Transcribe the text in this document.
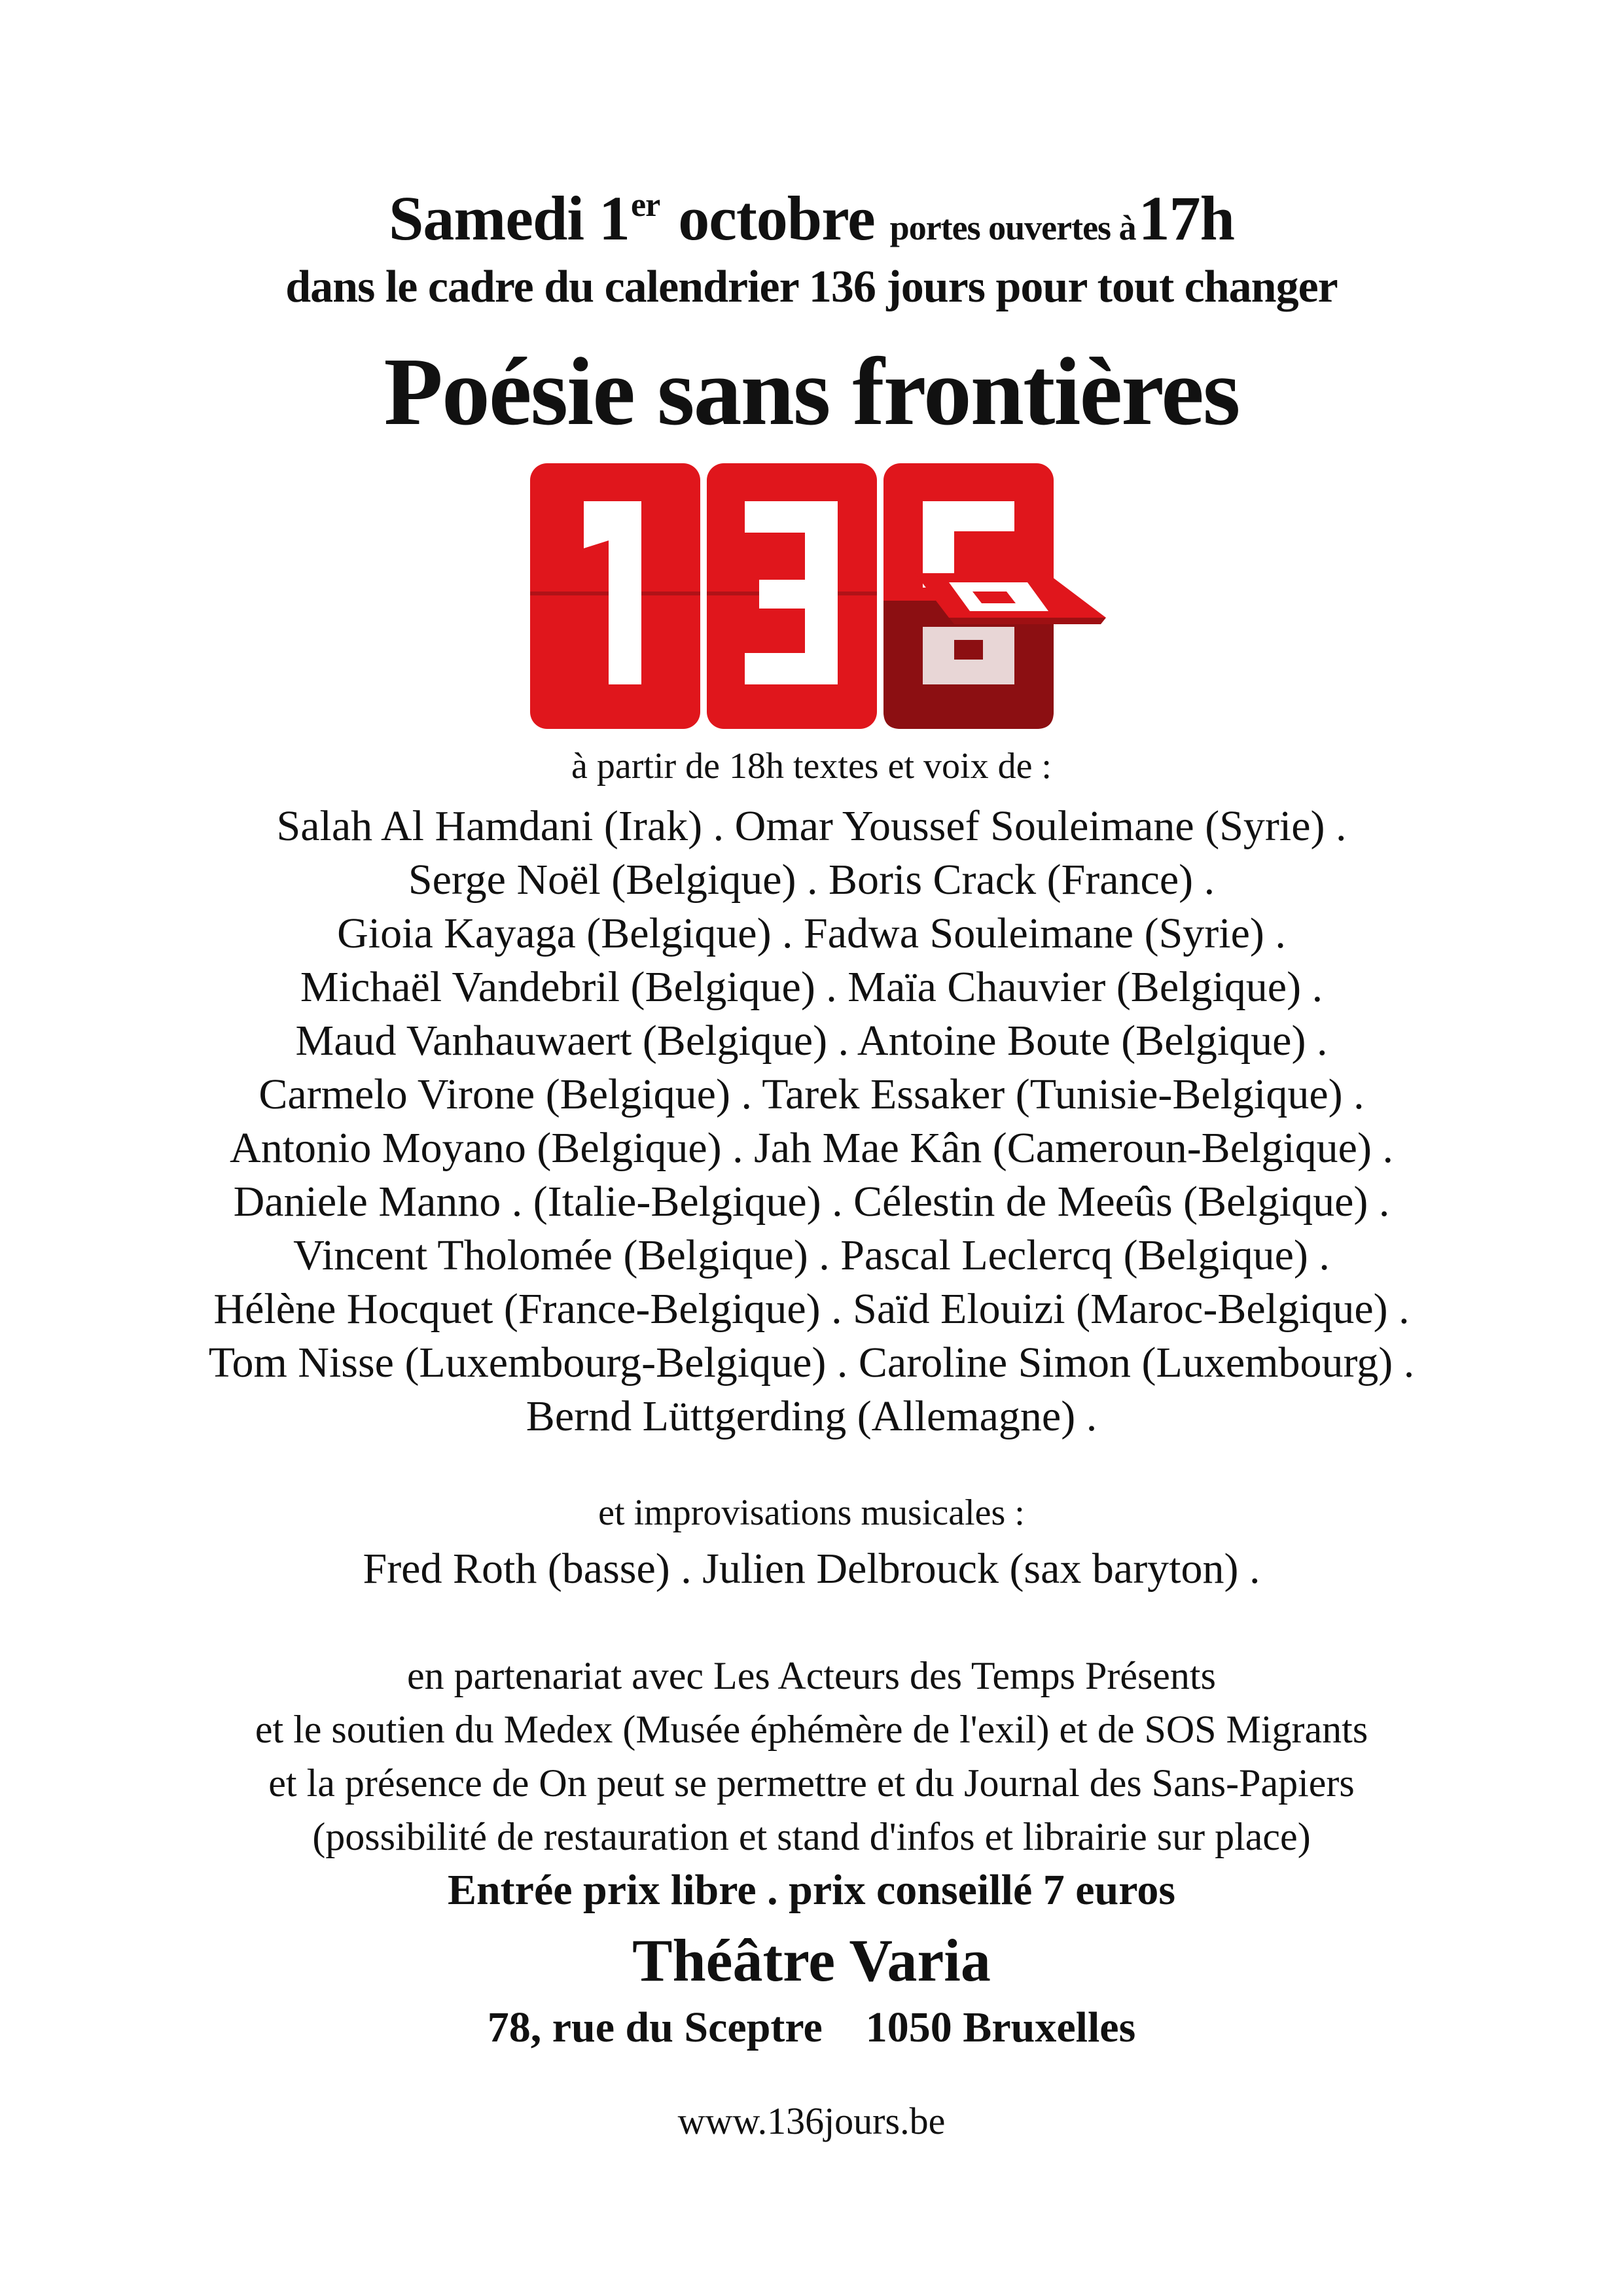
Samedi 1er octobre portes ouvertes à17h
dans le cadre du calendrier 136 jours pour tout changer
Poésie sans frontières
à partir de 18h textes et voix de :
Salah Al Hamdani (Irak) . Omar Youssef Souleimane (Syrie) .
Serge Noël (Belgique) . Boris Crack (France) .
Gioia Kayaga (Belgique) . Fadwa Souleimane (Syrie) .
Michaël Vandebril (Belgique) . Maïa Chauvier (Belgique) .
Maud Vanhauwaert (Belgique) . Antoine Boute (Belgique) .
Carmelo Virone (Belgique) . Tarek Essaker (Tunisie-Belgique) .
Antonio Moyano (Belgique) . Jah Mae Kân (Cameroun-Belgique) .
Daniele Manno . (Italie-Belgique) . Célestin de Meeûs (Belgique) .
Vincent Tholomée (Belgique) . Pascal Leclercq (Belgique) .
Hélène Hocquet (France-Belgique) . Saïd Elouizi (Maroc-Belgique) .
Tom Nisse (Luxembourg-Belgique) . Caroline Simon (Luxembourg) .
Bernd Lüttgerding (Allemagne) .
et improvisations musicales :
Fred Roth (basse) . Julien Delbrouck (sax baryton) .
en partenariat avec Les Acteurs des Temps Présents
et le soutien du Medex (Musée éphémère de l'exil) et de SOS Migrants
et la présence de On peut se permettre et du Journal des Sans-Papiers
(possibilité de restauration et stand d'infos et librairie sur place)
Entrée prix libre . prix conseillé 7 euros
Théâtre Varia
78, rue du Sceptre    1050 Bruxelles
www.136jours.be
